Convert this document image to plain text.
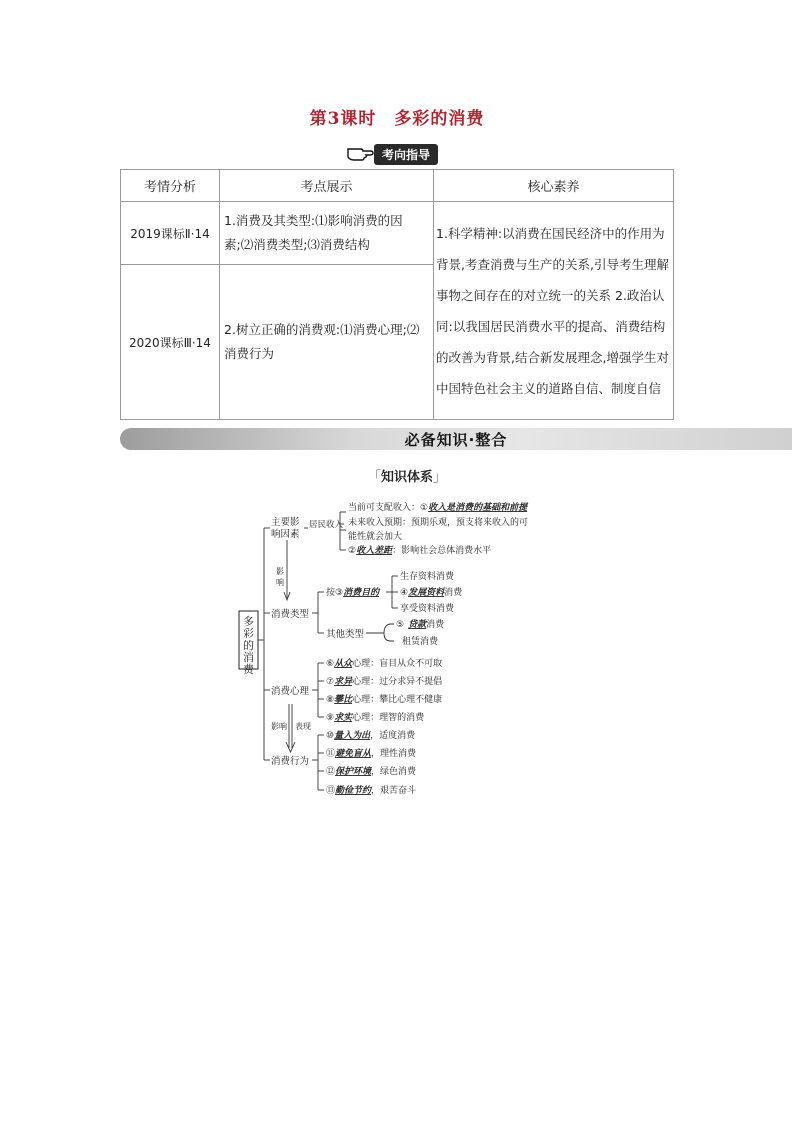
第3课时 多彩的消费
考向指导
考情分析	考点展示	核心素养
2019课标Ⅱ·14	1.消费及其类型:⑴影响消费的因素;⑵消费类型;⑶消费结构	1.科学精神:以消费在国民经济中的作用为背景,考查消费与生产的关系,引导考生理解事物之间存在的对立统一的关系 2.政治认同:以我国居民消费水平的提高、消费结构的改善为背景,结合新发展理念,增强学生对中国特色社会主义的道路自信、制度自信
2020课标Ⅲ·14	2.树立正确的消费观:⑴消费心理;⑵消费行为	
必备知识·整合
「知识体系」
多
彩
的
消
费
主要影
响因素
居民收入
当前可支配收入：①收入是消费的基础和前提
未来收入预期：预期乐观，预支将来收入的可
能性就会加大
②收入差距：影响社会总体消费水平
影
响
消费类型
按③消费目的
生存资料消费
④发展资料消费
享受资料消费
其他类型
⑤ 贷款消费
租赁消费
消费心理
⑥从众心理：盲目从众不可取
⑦求异心理：过分求异不提倡
⑧攀比心理：攀比心理不健康
⑨求实心理：理智的消费
影响 表现
消费行为
⑩量入为出，适度消费
⑪避免盲从，理性消费
⑫保护环境，绿色消费
⑬勤俭节约，艰苦奋斗
